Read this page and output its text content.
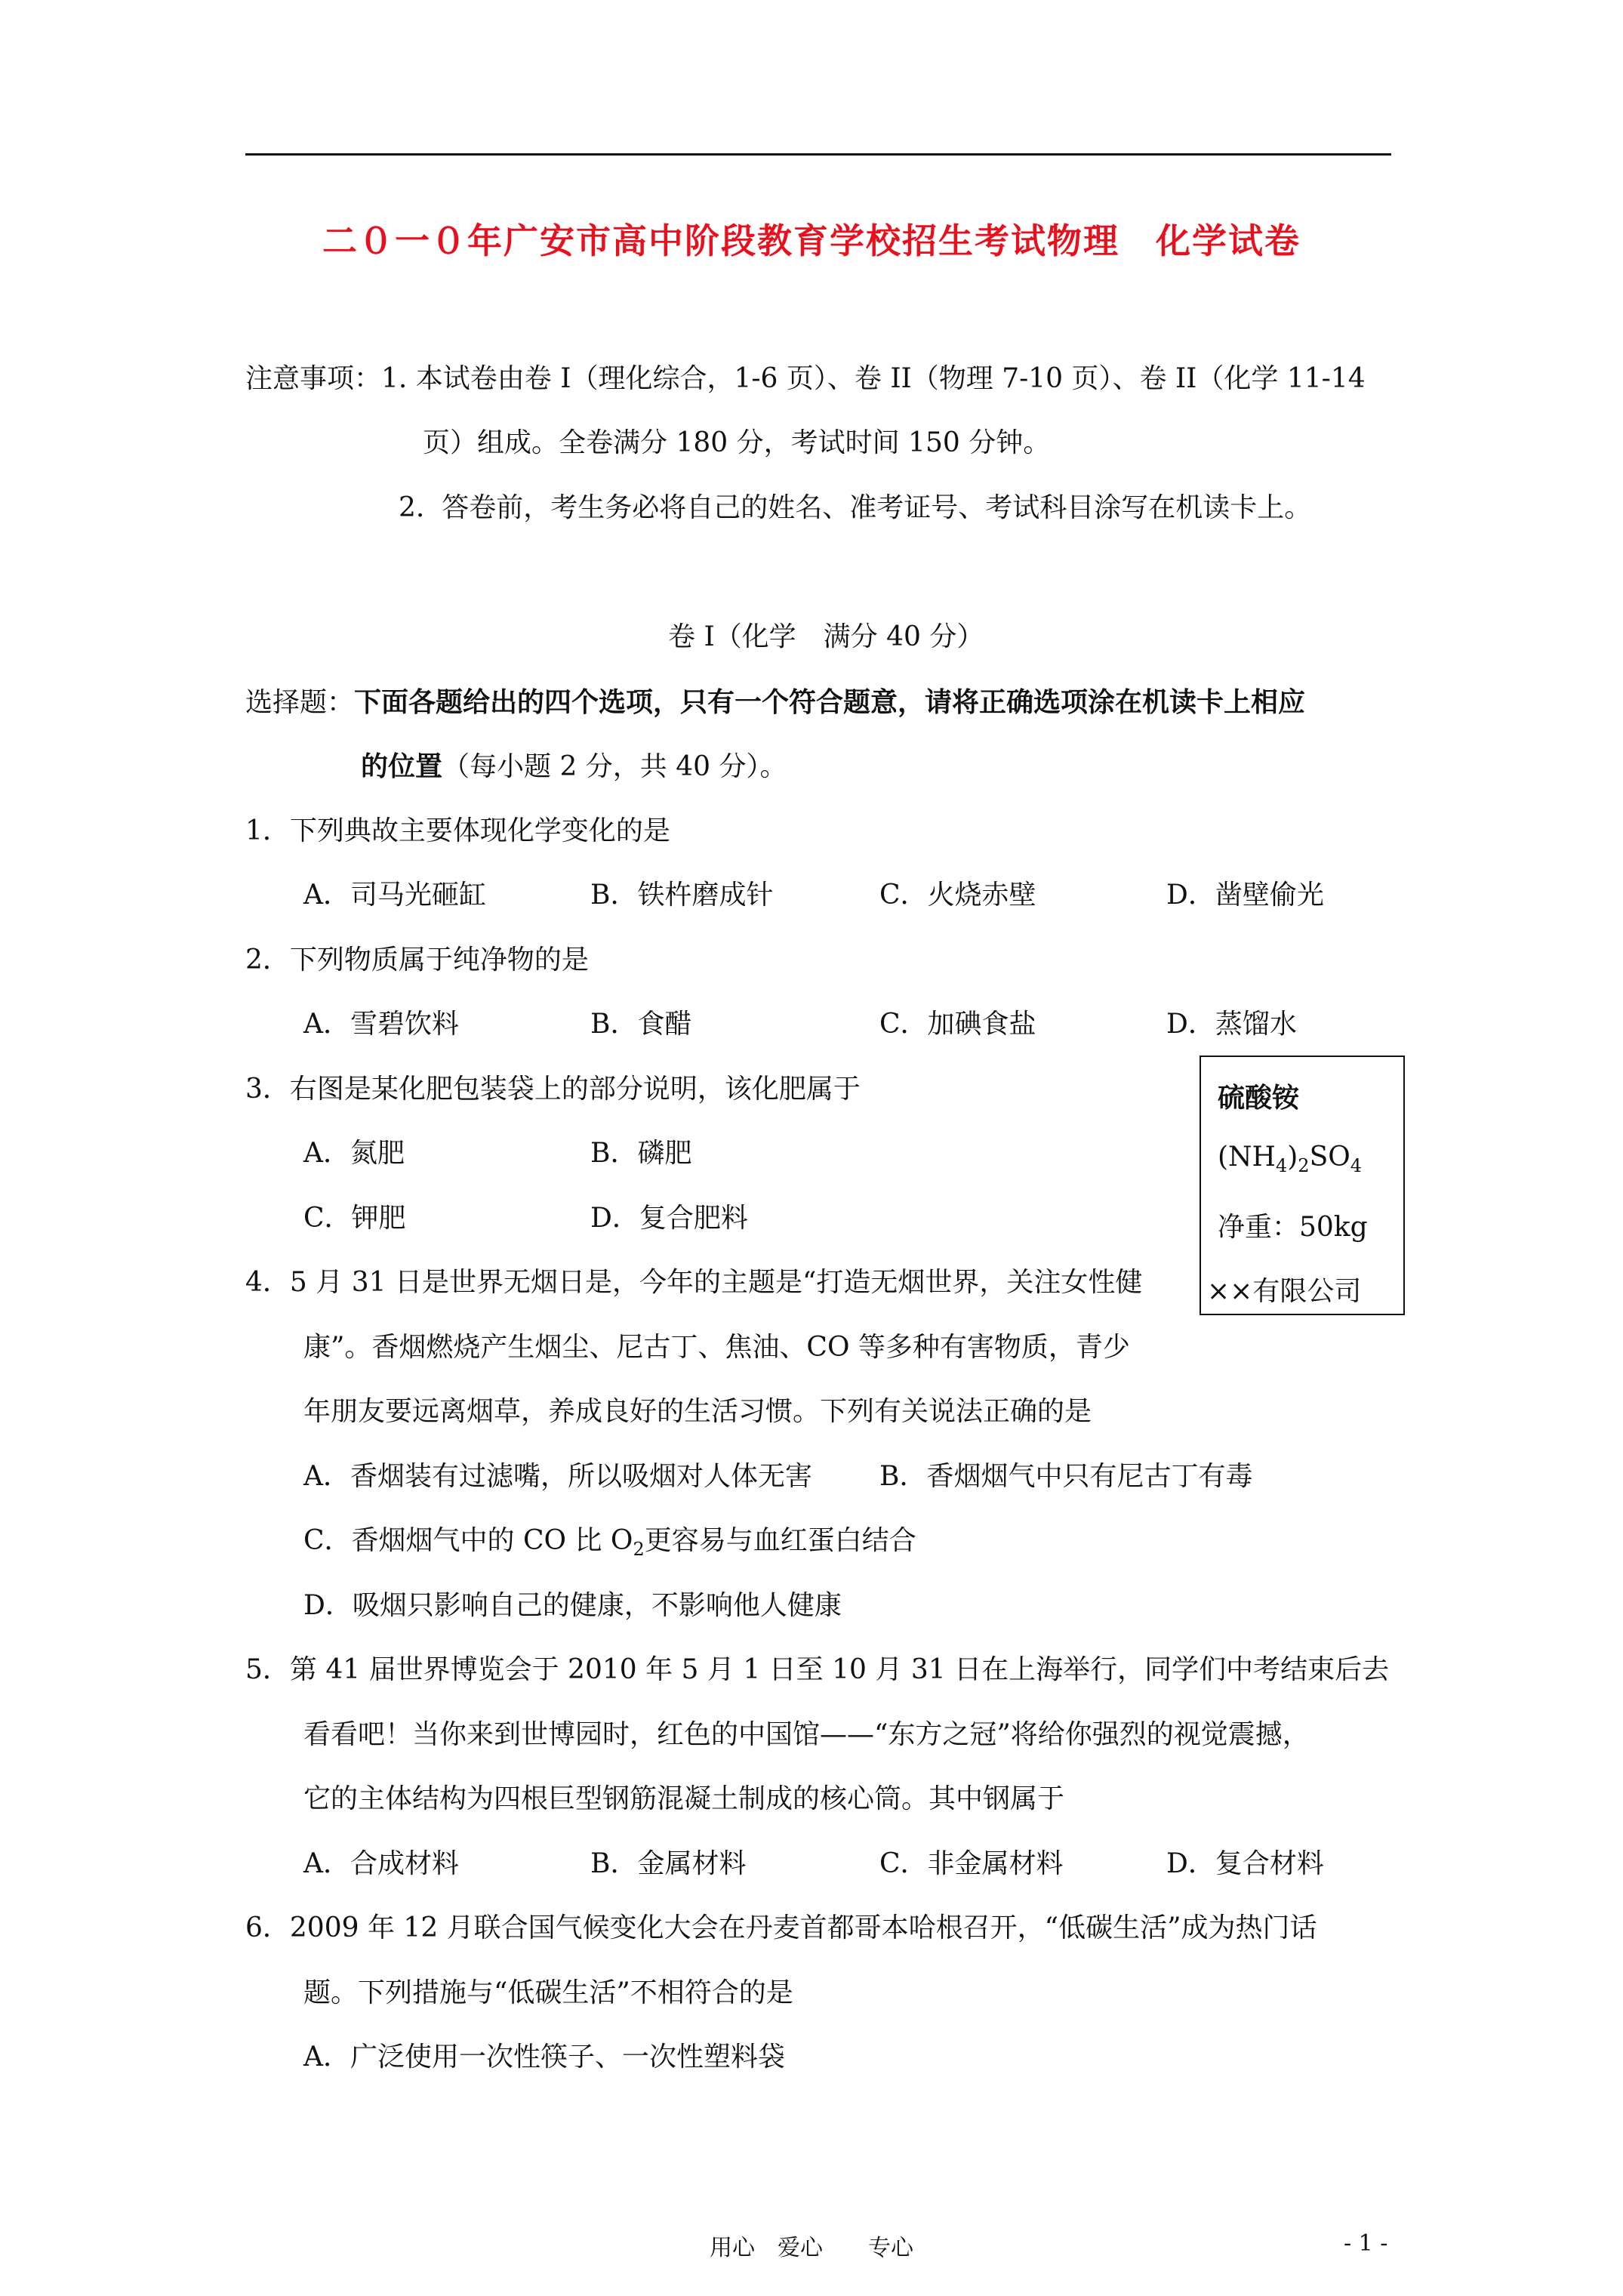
二０一０年广安市高中阶段教育学校招生考试物理　化学试卷
注意事项：1. 本试卷由卷 I（理化综合，1-6 页）、卷 II（物理 7-10 页）、卷 II（化学 11-14
页）组成。全卷满分 180 分，考试时间 150 分钟。
2.  答卷前，考生务必将自己的姓名、准考证号、考试科目涂写在机读卡上。
卷 I（化学　满分 40 分）
选择题：下面各题给出的四个选项，只有一个符合题意，请将正确选项涂在机读卡上相应
的位置（每小题 2 分，共 40 分）。
1．下列典故主要体现化学变化的是
A．司马光砸缸	B．铁杵磨成针	C．火烧赤壁	D．凿壁偷光
2．下列物质属于纯净物的是
A．雪碧饮料	B．食醋	C．加碘食盐	D．蒸馏水
3．右图是某化肥包装袋上的部分说明，该化肥属于
A．氮肥	B．磷肥
C．钾肥	D．复合肥料
硫酸铵
$(NH_4)_2SO_4$
净重：50kg
××有限公司
4．5 月 31 日是世界无烟日是，今年的主题是“打造无烟世界，关注女性健
康”。香烟燃烧产生烟尘、尼古丁、焦油、CO 等多种有害物质，青少
年朋友要远离烟草，养成良好的生活习惯。下列有关说法正确的是
A．香烟装有过滤嘴，所以吸烟对人体无害 B．香烟烟气中只有尼古丁有毒
C．香烟烟气中的 CO 比 $O_2$更容易与血红蛋白结合
D．吸烟只影响自己的健康，不影响他人健康
5．第 41 届世界博览会于 2010 年 5 月 1 日至 10 月 31 日在上海举行，同学们中考结束后去
看看吧！当你来到世博园时，红色的中国馆——“东方之冠”将给你强烈的视觉震撼，
它的主体结构为四根巨型钢筋混凝土制成的核心筒。其中钢属于
A．合成材料	B．金属材料	C．非金属材料	D．复合材料
6．2009 年 12 月联合国气候变化大会在丹麦首都哥本哈根召开，“低碳生活”成为热门话
题。下列措施与“低碳生活”不相符合的是
A．广泛使用一次性筷子、一次性塑料袋
用心　爱心　　专心	- 1 -
